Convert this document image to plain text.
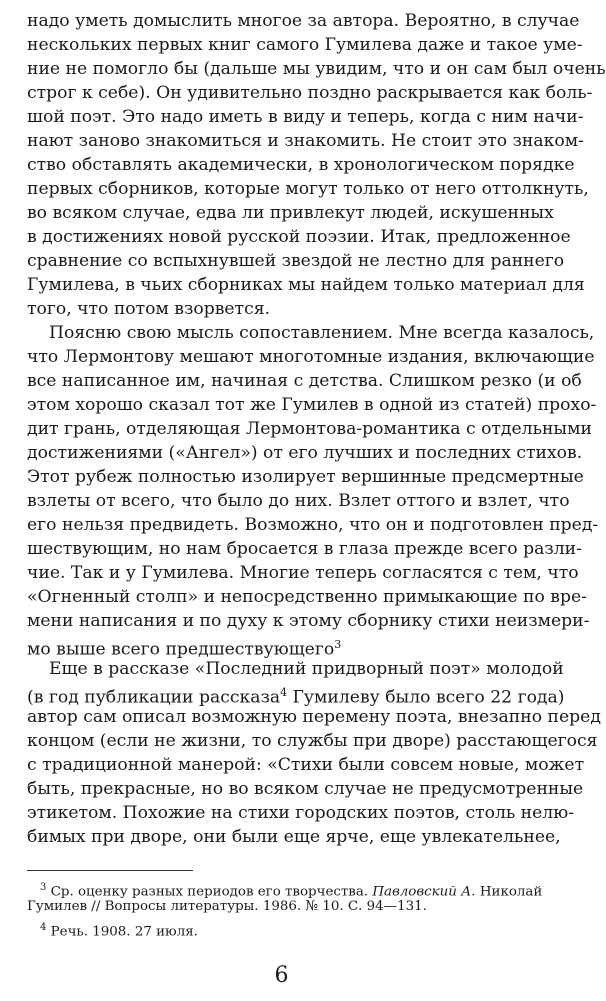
надо уметь домыслить многое за автора. Вероятно, в случае
нескольких первых книг самого Гумилева даже и такое уме-
ние не помогло бы (дальше мы увидим, что и он сам был очень
строг к себе). Он удивительно поздно раскрывается как боль-
шой поэт. Это надо иметь в виду и теперь, когда с ним начи-
нают заново знакомиться и знакомить. Не стоит это знаком-
ство обставлять академически, в хронологическом порядке
первых сборников, которые могут только от него оттолкнуть,
во всяком случае, едва ли привлекут людей, искушенных
в достижениях новой русской поэзии. Итак, предложенное
сравнение со вспыхнувшей звездой не лестно для раннего
Гумилева, в чьих сборниках мы найдем только материал для
того, что потом взорвется.
Поясню свою мысль сопоставлением. Мне всегда казалось,
что Лермонтову мешают многотомные издания, включающие
все написанное им, начиная с детства. Слишком резко (и об
этом хорошо сказал тот же Гумилев в одной из статей) прохо-
дит грань, отделяющая Лермонтова-романтика с отдельными
достижениями («Ангел») от его лучших и последних стихов.
Этот рубеж полностью изолирует вершинные предсмертные
взлеты от всего, что было до них. Взлет оттого и взлет, что
его нельзя предвидеть. Возможно, что он и подготовлен пред-
шествующим, но нам бросается в глаза прежде всего разли-
чие. Так и у Гумилева. Многие теперь согласятся с тем, что
«Огненный столп» и непосредственно примыкающие по вре-
мени написания и по духу к этому сборнику стихи неизмери-
мо выше всего предшествующего$^3$
Еще в рассказе «Последний придворный поэт» молодой
(в год публикации рассказа$^4$ Гумилеву было всего 22 года)
автор сам описал возможную перемену поэта, внезапно перед
концом (если не жизни, то службы при дворе) расстающегося
с традиционной манерой: «Стихи были совсем новые, может
быть, прекрасные, но во всяком случае не предусмотренные
этикетом. Похожие на стихи городских поэтов, столь нелю-
бимых при дворе, они были еще ярче, еще увлекательнее,
$^3$ Ср. оценку разных периодов его творчества. Павловский А. Николай
Гумилев // Вопросы литературы. 1986. № 10. С. 94—131.
$^4$ Речь. 1908. 27 июля.
6
